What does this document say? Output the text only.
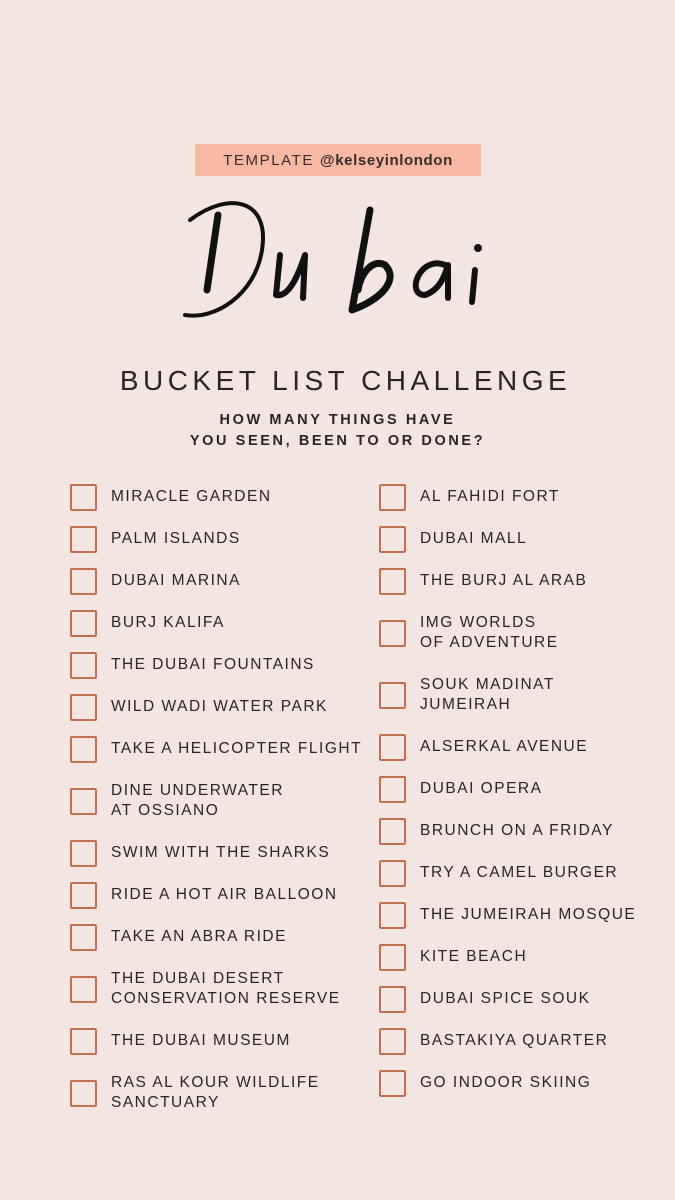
TEMPLATE @kelseyinlondon
BUCKET LIST CHALLENGE
HOW MANY THINGS HAVE
YOU SEEN, BEEN TO OR DONE?
MIRACLE GARDEN
PALM ISLANDS
DUBAI MARINA
BURJ KALIFA
THE DUBAI FOUNTAINS
WILD WADI WATER PARK
TAKE A HELICOPTER FLIGHT
DINE UNDERWATER
AT OSSIANO
SWIM WITH THE SHARKS
RIDE A HOT AIR BALLOON
TAKE AN ABRA RIDE
THE DUBAI DESERT
CONSERVATION RESERVE
THE DUBAI MUSEUM
RAS AL KOUR WILDLIFE
SANCTUARY
AL FAHIDI FORT
DUBAI MALL
THE BURJ AL ARAB
IMG WORLDS
OF ADVENTURE
SOUK MADINAT
JUMEIRAH
ALSERKAL AVENUE
DUBAI OPERA
BRUNCH ON A FRIDAY
TRY A CAMEL BURGER
THE JUMEIRAH MOSQUE
KITE BEACH
DUBAI SPICE SOUK
BASTAKIYA QUARTER
GO INDOOR SKIING
